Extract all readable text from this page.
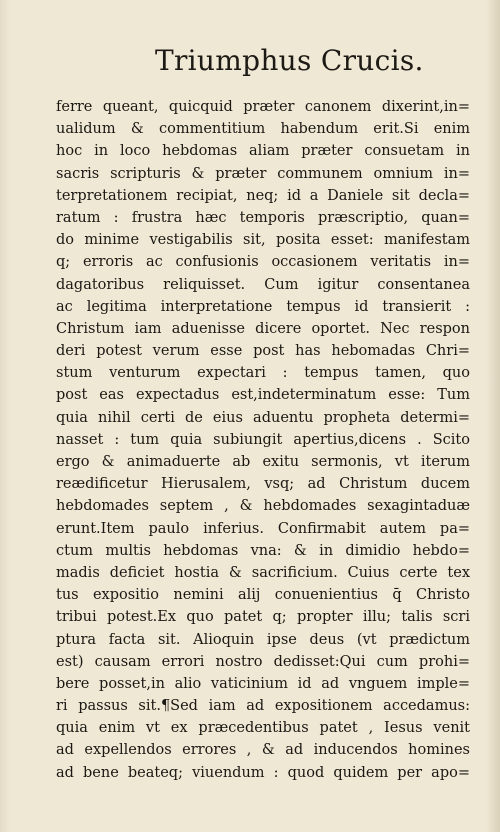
Triumphus Crucis.
ferre queant, quicquid præter canonem dixerint,in=
ualidum & commentitium habendum erit.Si enim
hoc in loco hebdomas aliam præter consuetam in
sacris scripturis & prӕter communem omnium in=
terpretationem recipiat, neq; id a Daniele sit decla=
ratum : frustra hæc temporis præscriptio, quan=
do minime vestigabilis sit, posita esset: manifestam
q; erroris ac confusionis occasionem veritatis in=
dagatoribus reliquisset. Cum igitur consentanea
ac legitima interpretatione tempus id transierit :
Christum iam aduenisse dicere oportet. Nec respon
deri potest verum esse post has hebomadas Chri=
stum venturum expectari : tempus tamen, quo
post eas expectadus est,indeterminatum esse: Tum
quia nihil certi de eius aduentu propheta determi=
nasset : tum quia subiungit apertius,dicens . Scito
ergo & animaduerte ab exitu sermonis, vt iterum
reædificetur Hierusalem, vsq; ad Christum ducem
hebdomades septem , & hebdomades sexagintaduæ
erunt.Item paulo inferius. Confirmabit autem pa=
ctum multis hebdomas vna: & in dimidio hebdo=
madis deficiet hostia & sacrificium. Cuius certe tex
tus expositio nemini alij conuenientius q̄ Christo
tribui potest.Ex quo patet q; propter illu; talis scri
ptura facta sit. Alioquin ipse deus (vt prædictum
est) causam errori nostro dedisset:Qui cum prohi=
bere posset,in alio vaticinium id ad vnguem imple=
ri passus sit.¶Sed iam ad expositionem accedamus:
quia enim vt ex præcedentibus patet , Iesus venit
ad expellendos errores , & ad inducendos homines
ad bene beateq; viuendum : quod quidem per apo=
